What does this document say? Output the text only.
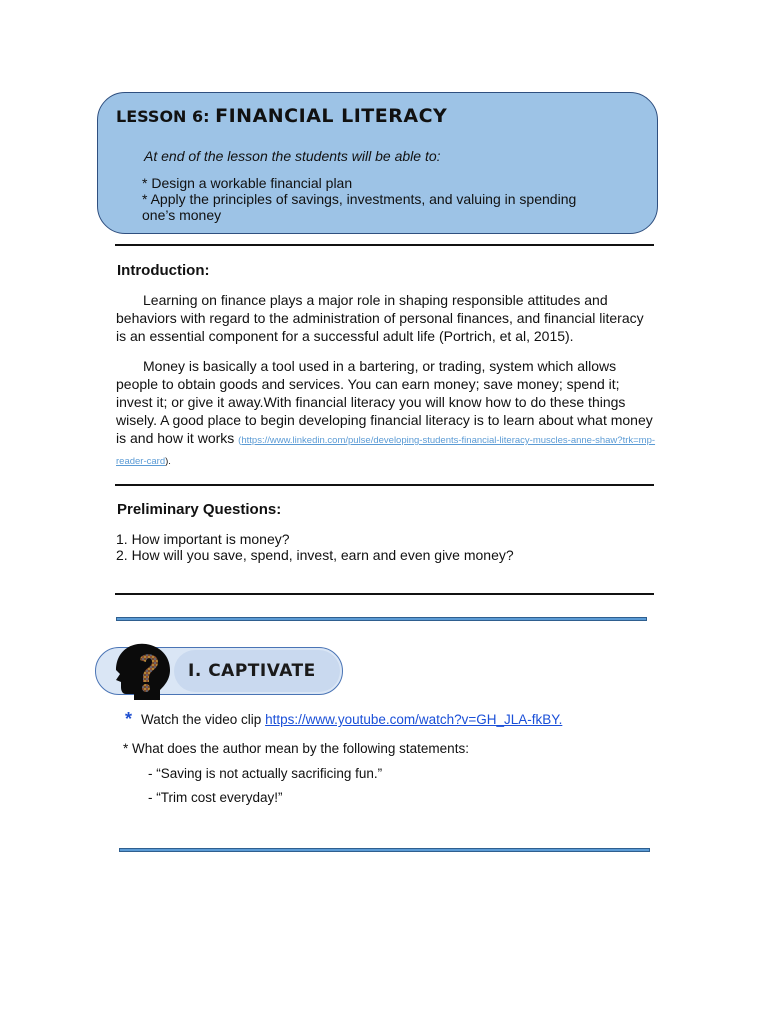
LESSON 6: FINANCIAL LITERACY
At end of the lesson the students will be able to:
* Design a workable financial plan
* Apply the principles of savings, investments, and valuing in spending one’s money
Introduction:

Learning on finance plays a major role in shaping responsible attitudes and behaviors with regard to the administration of personal finances, and financial literacy is an essential component for a successful adult life (Portrich, et al, 2015).

Money is basically a tool used in a bartering, or trading, system which allows people to obtain goods and services. You can earn money; save money; spend it; invest it; or give it away.With financial literacy you will know how to do these things wisely. A good place to begin developing financial literacy is to learn about what money is and how it works (https://www.linkedin.com/pulse/developing-students-financial-literacy-muscles-anne-shaw?trk=mp-reader-card).

Preliminary Questions:
1. How important is money?
2. How will you save, spend, invest, earn and even give money?
I. CAPTIVATE
* Watch the video clip https://www.youtube.com/watch?v=GH_JLA-fkBY.
* What does the author mean by the following statements:
- “Saving is not actually sacrificing fun.”
- “Trim cost everyday!”
